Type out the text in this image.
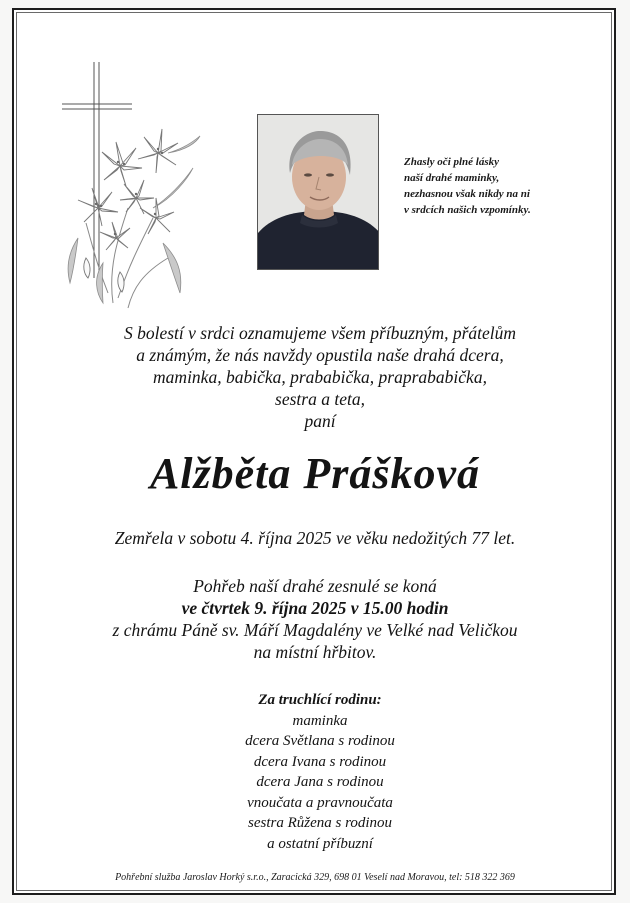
Zhasly oči plné lásky
naší drahé maminky,
nezhasnou však nikdy na ni
v srdcích našich vzpomínky.
S bolestí v srdci oznamujeme všem příbuzným, přátelům
a známým, že nás navždy opustila naše drahá dcera,
maminka, babička, prababička, praprababička,
sestra a teta,
paní
Alžběta Prášková
Zemřela v sobotu 4. října 2025 ve věku nedožitých 77 let.
Pohřeb naší drahé zesnulé se koná
ve čtvrtek 9. října 2025 v 15.00 hodin
z chrámu Páně sv. Máří Magdalény ve Velké nad Veličkou
na místní hřbitov.
Za truchlící rodinu:
maminka
dcera Světlana s rodinou
dcera Ivana s rodinou
dcera Jana s rodinou
vnoučata a pravnoučata
sestra Růžena s rodinou
a ostatní příbuzní
Pohřební služba Jaroslav Horký s.r.o., Zaracická 329, 698 01 Veselí nad Moravou, tel: 518 322 369
